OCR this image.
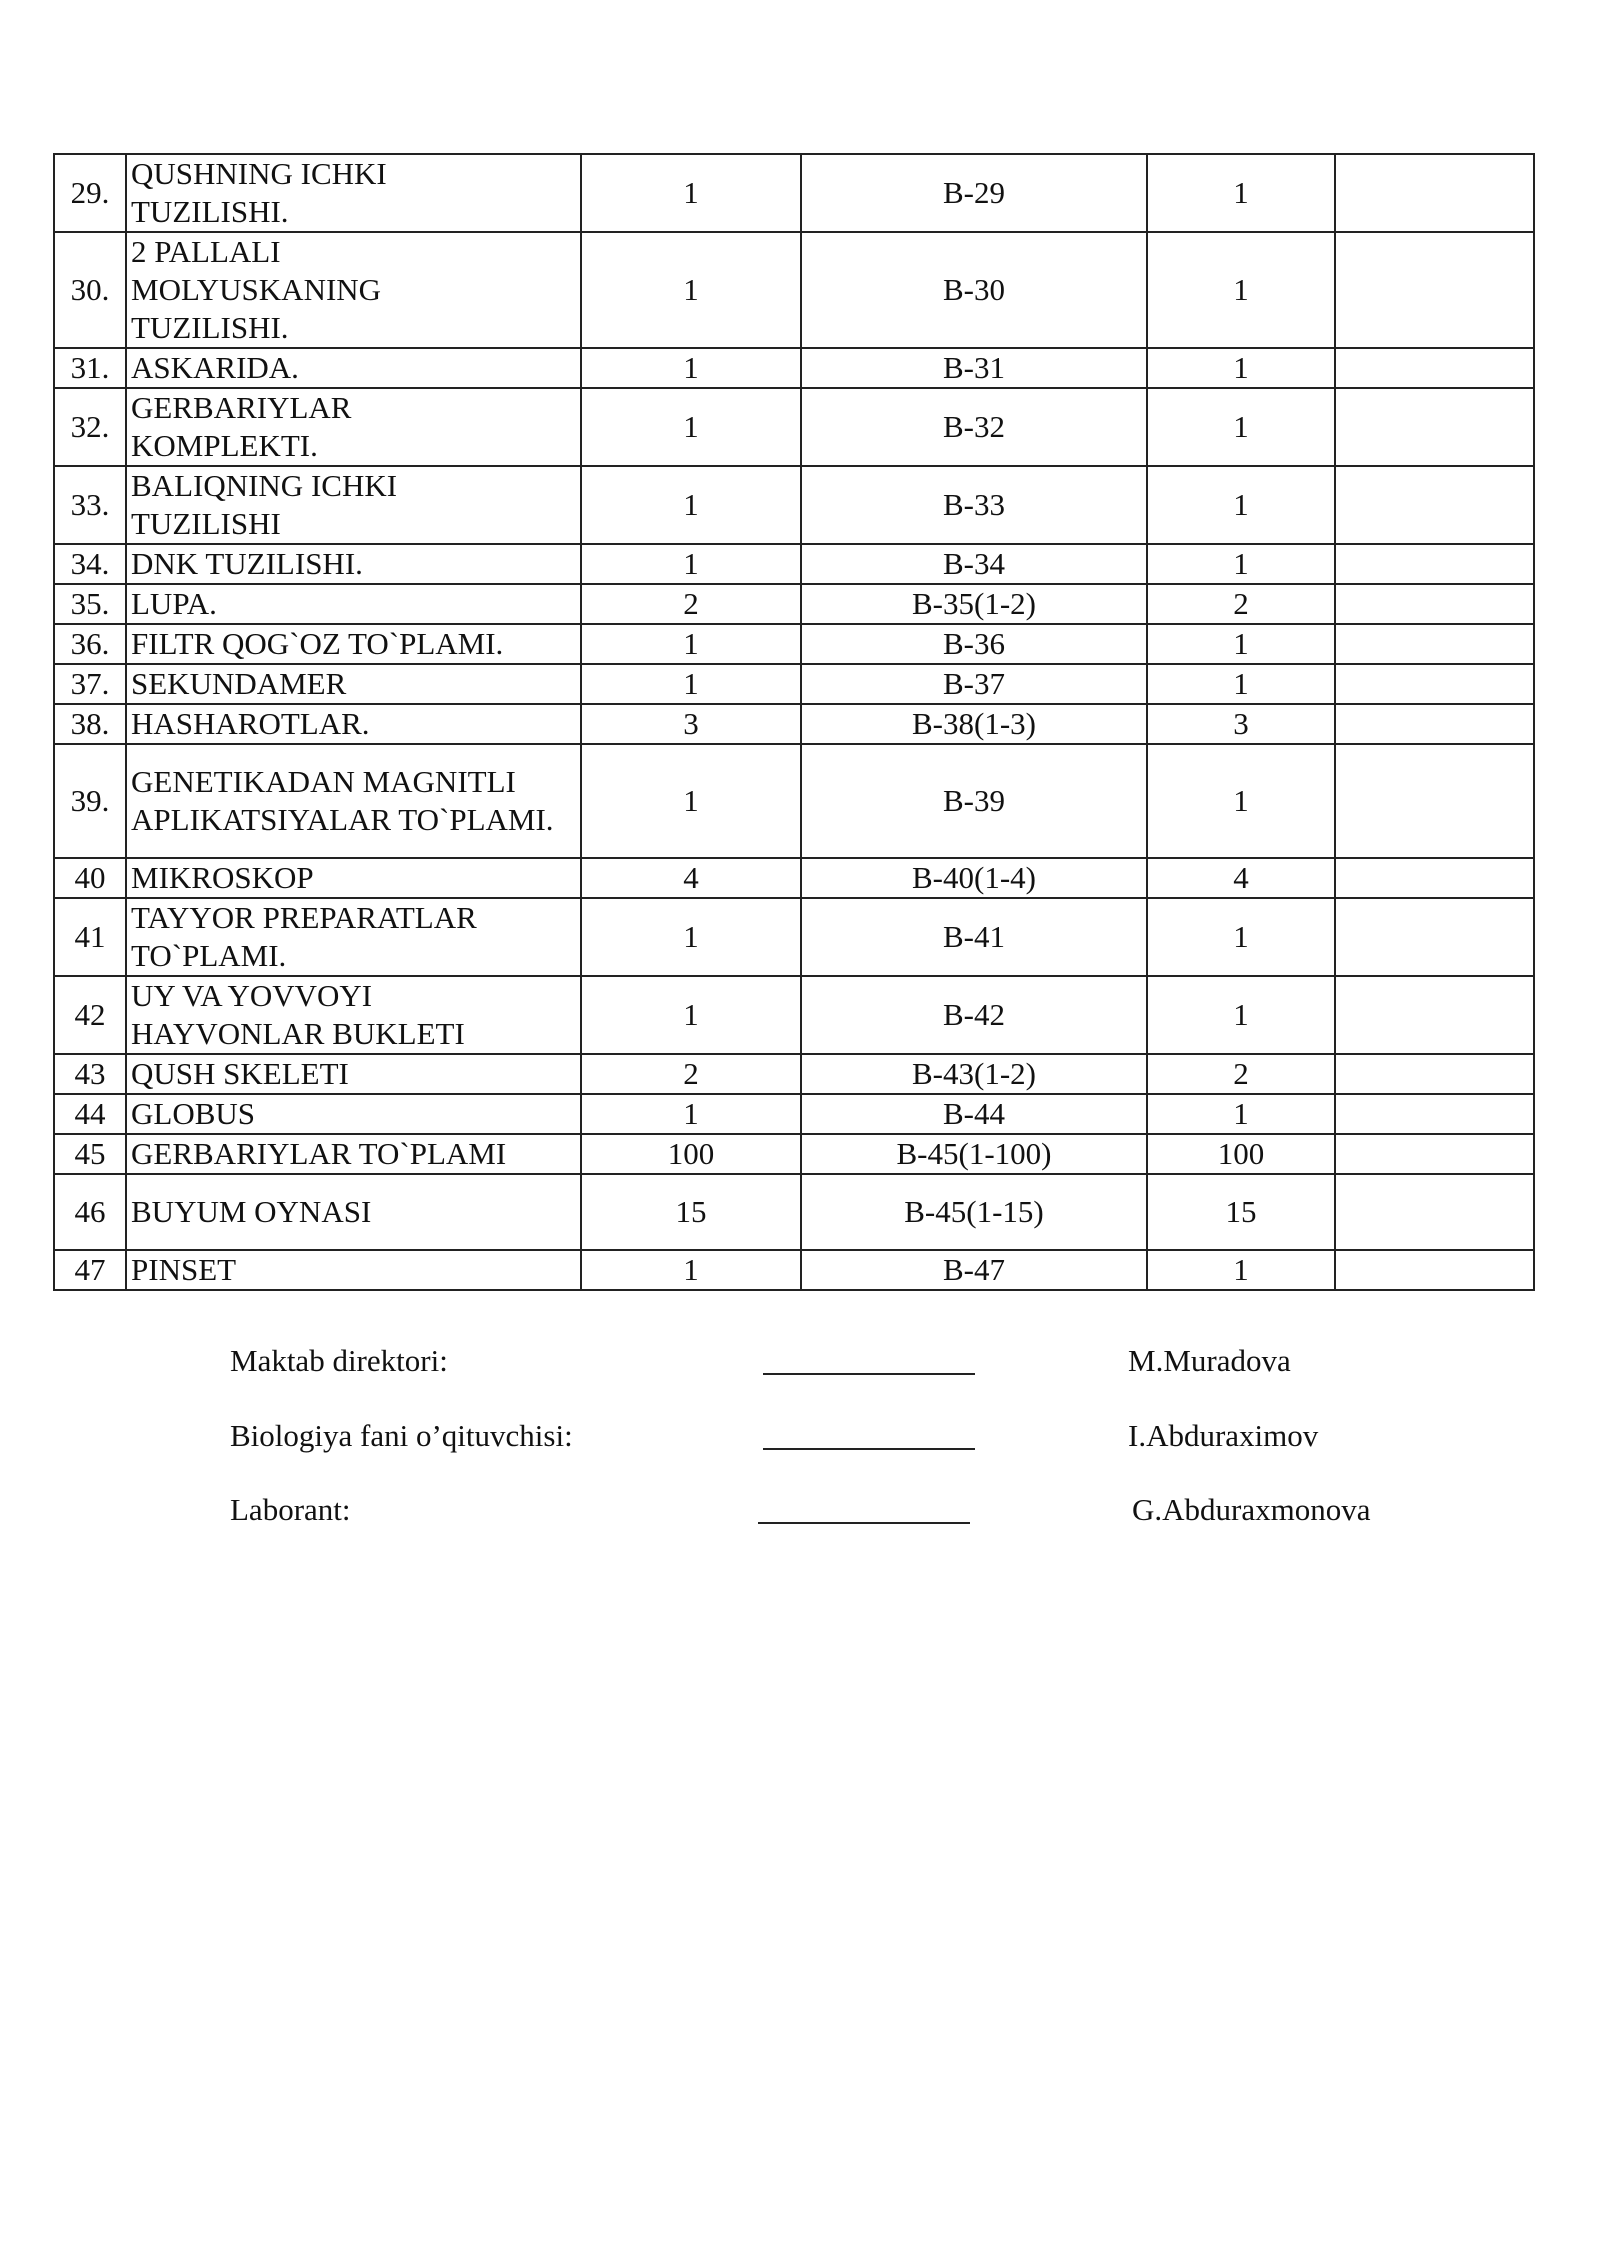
29.	QUSHNING ICHKI TUZILISHI.	1	B-29	1	
30.	2 PALLALI MOLYUSKANING TUZILISHI.	1	B-30	1	
31.	ASKARIDA.	1	B-31	1	
32.	GERBARIYLAR KOMPLEKTI.	1	B-32	1	
33.	BALIQNING ICHKI TUZILISHI	1	B-33	1	
34.	DNK TUZILISHI.	1	B-34	1	
35.	LUPA.	2	B-35(1-2)	2	
36.	FILTR QOG`OZ TO`PLAMI.	1	B-36	1	
37.	SEKUNDAMER	1	B-37	1	
38.	HASHAROTLAR.	3	B-38(1-3)	3	
39.	GENETIKADAN MAGNITLI APLIKATSIYALAR TO`PLAMI.	1	B-39	1	
40	MIKROSKOP	4	B-40(1-4)	4	
41	TAYYOR PREPARATLAR TO`PLAMI.	1	B-41	1	
42	UY VA YOVVOYI HAYVONLAR BUKLETI	1	B-42	1	
43	QUSH SKELETI	2	B-43(1-2)	2	
44	GLOBUS	1	B-44	1	
45	GERBARIYLAR TO`PLAMI	100	B-45(1-100)	100	
46	BUYUM OYNASI	15	B-45(1-15)	15	
47	PINSET	1	B-47	1	
Maktab direktori:	M.Muradova
Biologiya fani o’qituvchisi:	I.Abduraximov
Laborant:	G.Abduraxmonova
